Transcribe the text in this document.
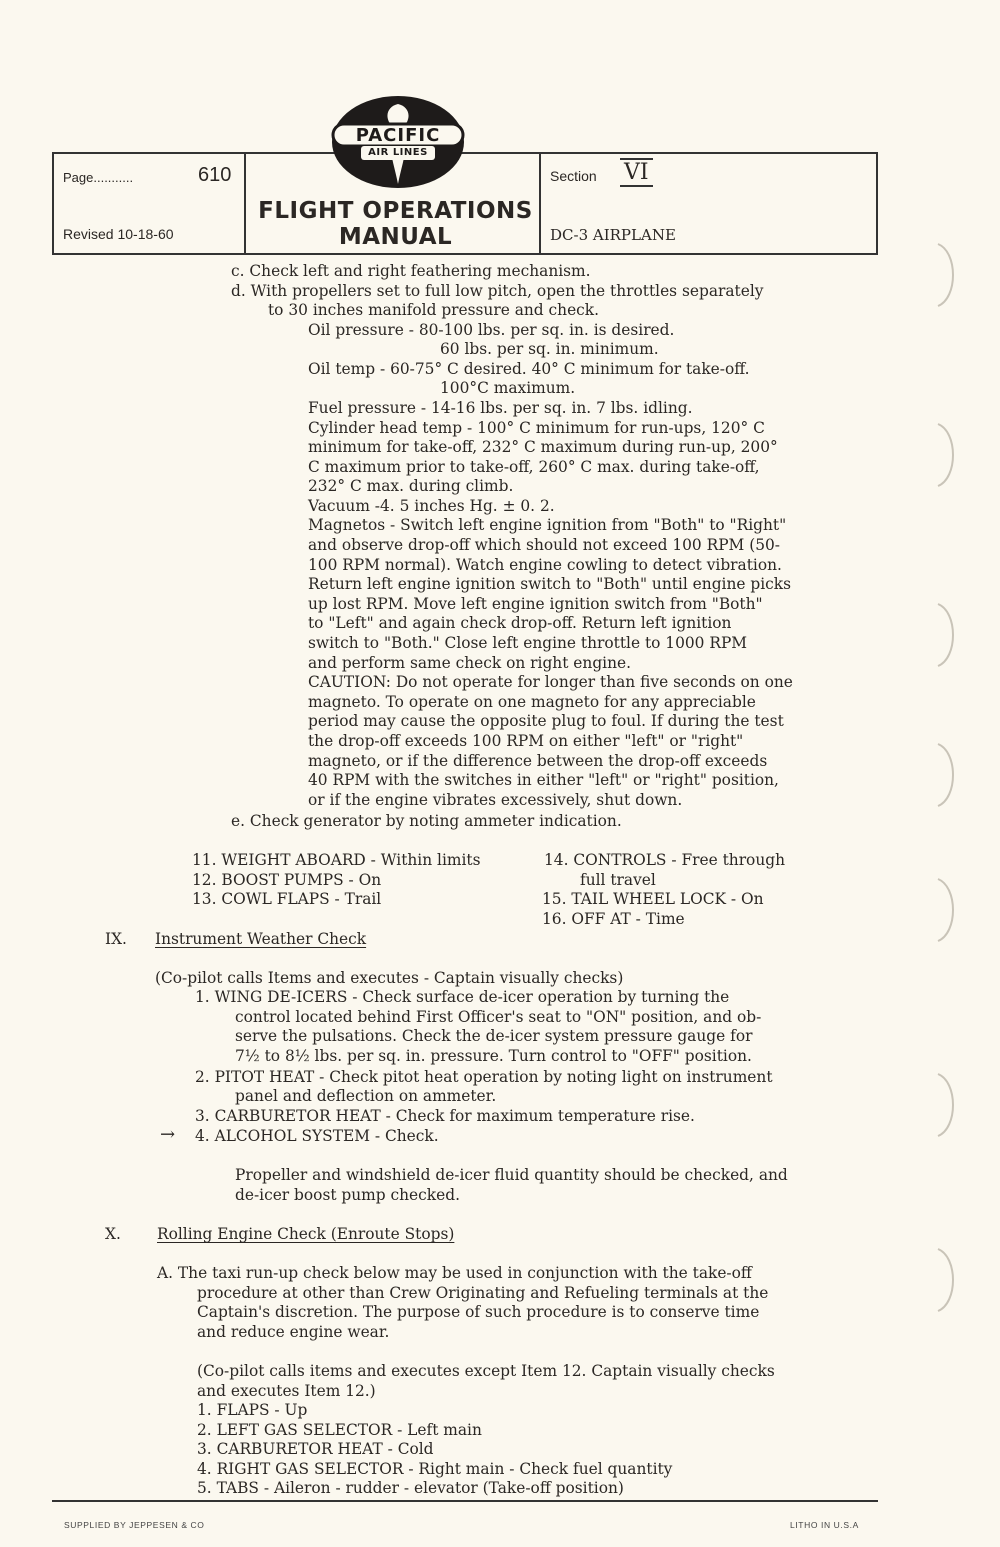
Page...........	610
Revised 10-18-60
Section VI
DC-3 AIRPLANE
PACIFIC
AIR LINES
FLIGHT OPERATIONS
MANUAL
c. Check left and right feathering mechanism.
d. With propellers set to full low pitch, open the throttles separately
to 30 inches manifold pressure and check.
Oil pressure - 80-100 lbs. per sq. in. is desired.
60 lbs. per sq. in. minimum.
Oil temp - 60-75° C desired. 40° C minimum for take-off.
100°C maximum.
Fuel pressure - 14-16 lbs. per sq. in. 7 lbs. idling.
Cylinder head temp - 100° C minimum for run-ups, 120° C
minimum for take-off, 232° C maximum during run-up, 200°
C maximum prior to take-off, 260° C max. during take-off,
232° C max. during climb.
Vacuum -4. 5 inches Hg. ± 0. 2.
Magnetos - Switch left engine ignition from "Both" to "Right"
and observe drop-off which should not exceed 100 RPM (50-
100 RPM normal). Watch engine cowling to detect vibration.
Return left engine ignition switch to "Both" until engine picks
up lost RPM. Move left engine ignition switch from "Both"
to "Left" and again check drop-off. Return left ignition
switch to "Both." Close left engine throttle to 1000 RPM
and perform same check on right engine.
CAUTION: Do not operate for longer than five seconds on one
magneto. To operate on one magneto for any appreciable
period may cause the opposite plug to foul. If during the test
the drop-off exceeds 100 RPM on either "left" or "right"
magneto, or if the difference between the drop-off exceeds
40 RPM with the switches in either "left" or "right" position,
or if the engine vibrates excessively, shut down.
e. Check generator by noting ammeter indication.
11. WEIGHT ABOARD - Within limits
12. BOOST PUMPS - On
13. COWL FLAPS - Trail
14. CONTROLS - Free through
full travel
15. TAIL WHEEL LOCK - On
16. OFF AT - Time
IX. Instrument Weather Check
(Co-pilot calls Items and executes - Captain visually checks)
1. WING DE-ICERS - Check surface de-icer operation by turning the
control located behind First Officer's seat to "ON" position, and ob-
serve the pulsations. Check the de-icer system pressure gauge for
7½ to 8½ lbs. per sq. in. pressure. Turn control to "OFF" position.
2. PITOT HEAT - Check pitot heat operation by noting light on instrument
panel and deflection on ammeter.
3. CARBURETOR HEAT - Check for maximum temperature rise.
4. ALCOHOL SYSTEM - Check.
Propeller and windshield de-icer fluid quantity should be checked, and
de-icer boost pump checked.
X. Rolling Engine Check (Enroute Stops)
A. The taxi run-up check below may be used in conjunction with the take-off
procedure at other than Crew Originating and Refueling terminals at the
Captain's discretion. The purpose of such procedure is to conserve time
and reduce engine wear.
(Co-pilot calls items and executes except Item 12. Captain visually checks
and executes Item 12.)
1. FLAPS - Up
2. LEFT GAS SELECTOR - Left main
3. CARBURETOR HEAT - Cold
4. RIGHT GAS SELECTOR - Right main - Check fuel quantity
5. TABS - Aileron - rudder - elevator (Take-off position)
→
SUPPLIED BY JEPPESEN & CO	LITHO IN U.S.A
